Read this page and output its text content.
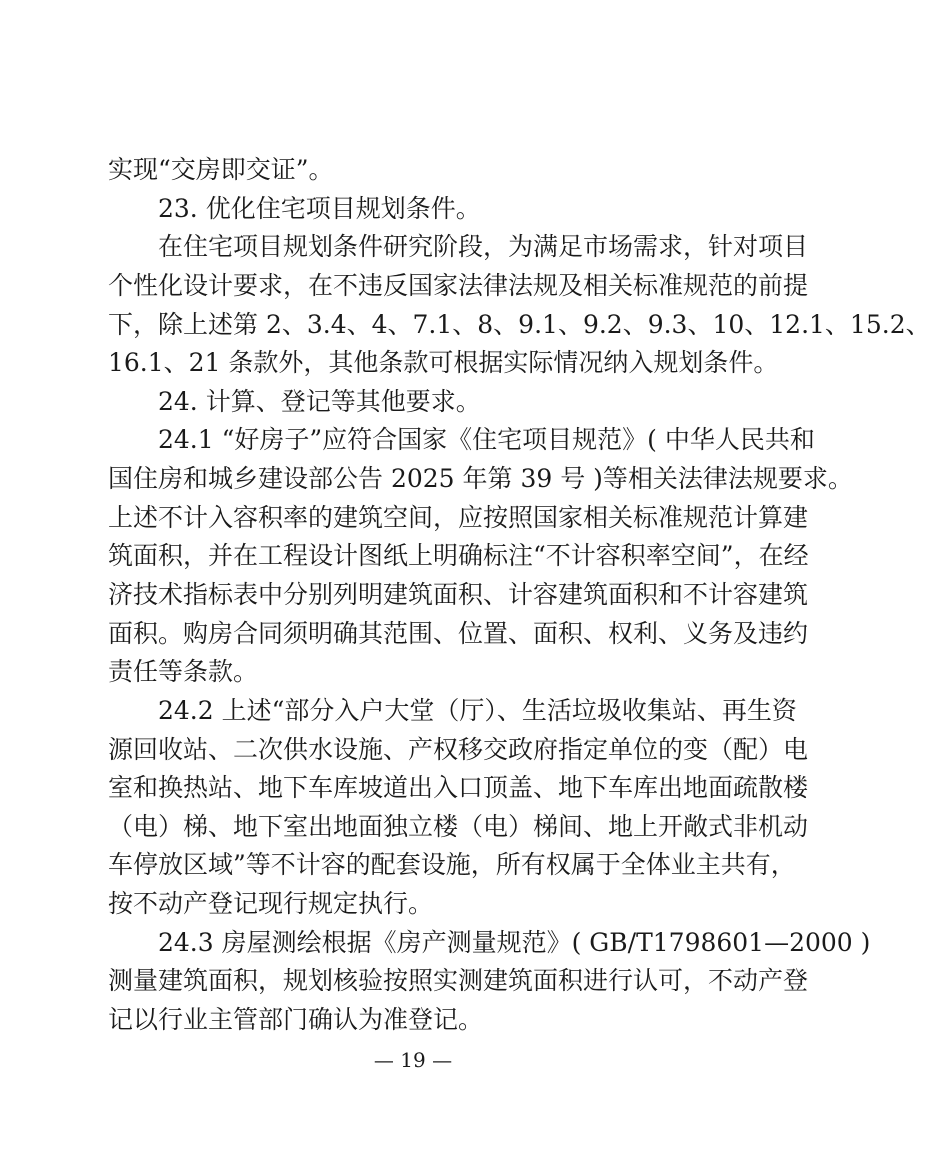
实现“交房即交证”。
23. 优化住宅项目规划条件。
在住宅项目规划条件研究阶段，为满足市场需求，针对项目
个性化设计要求，在不违反国家法律法规及相关标准规范的前提
下，除上述第 2、3.4、4、7.1、8、9.1、9.2、9.3、10、12.1、15.2、
16.1、21 条款外，其他条款可根据实际情况纳入规划条件。
24. 计算、登记等其他要求。
24.1 “好房子”应符合国家《住宅项目规范》( 中华人民共和
国住房和城乡建设部公告 2025 年第 39 号 )等相关法律法规要求。
上述不计入容积率的建筑空间，应按照国家相关标准规范计算建
筑面积，并在工程设计图纸上明确标注“不计容积率空间”，在经
济技术指标表中分别列明建筑面积、计容建筑面积和不计容建筑
面积。购房合同须明确其范围、位置、面积、权利、义务及违约
责任等条款。
24.2 上述“部分入户大堂（厅）、生活垃圾收集站、再生资
源回收站、二次供水设施、产权移交政府指定单位的变（配）电
室和换热站、地下车库坡道出入口顶盖、地下车库出地面疏散楼
（电）梯、地下室出地面独立楼（电）梯间、地上开敞式非机动
车停放区域”等不计容的配套设施，所有权属于全体业主共有，
按不动产登记现行规定执行。
24.3 房屋测绘根据《房产测量规范》( GB/T1798601—2000 )
测量建筑面积，规划核验按照实测建筑面积进行认可，不动产登
— 19 —
记以行业主管部门确认为准登记。
